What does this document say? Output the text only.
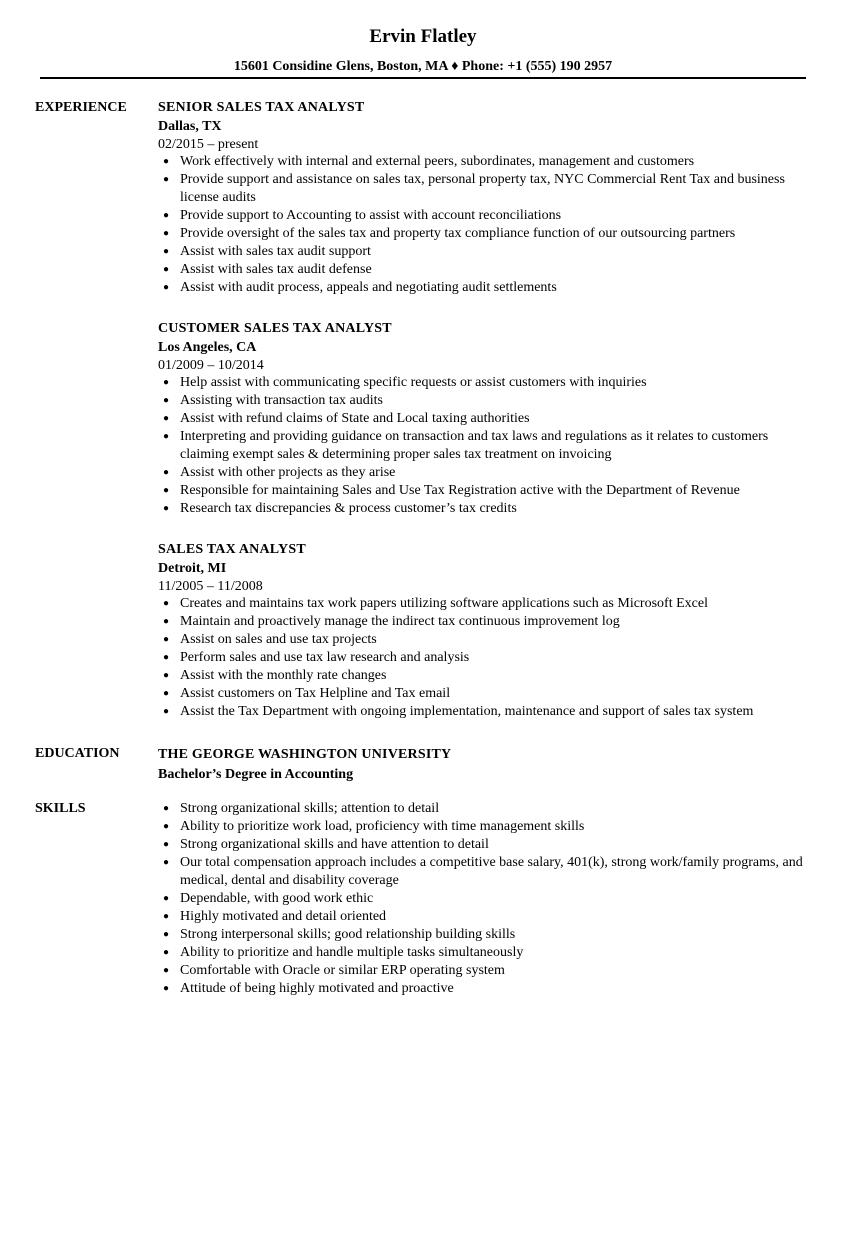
Ervin Flatley
15601 Considine Glens, Boston, MA ♦ Phone: +1 (555) 190 2957
EXPERIENCE SENIOR SALES TAX ANALYST
Dallas, TX
02/2015 – present
● Work effectively with internal and external peers, subordinates, management and customers
● Provide support and assistance on sales tax, personal property tax, NYC Commercial Rent Tax and business license audits
● Provide support to Accounting to assist with account reconciliations
● Provide oversight of the sales tax and property tax compliance function of our outsourcing partners
● Assist with sales tax audit support
● Assist with sales tax audit defense
● Assist with audit process, appeals and negotiating audit settlements
CUSTOMER SALES TAX ANALYST
Los Angeles, CA
01/2009 – 10/2014
● Help assist with communicating specific requests or assist customers with inquiries
● Assisting with transaction tax audits
● Assist with refund claims of State and Local taxing authorities
● Interpreting and providing guidance on transaction and tax laws and regulations as it relates to customers claiming exempt sales & determining proper sales tax treatment on invoicing
● Assist with other projects as they arise
● Responsible for maintaining Sales and Use Tax Registration active with the Department of Revenue
● Research tax discrepancies & process customer’s tax credits
SALES TAX ANALYST
Detroit, MI
11/2005 – 11/2008
● Creates and maintains tax work papers utilizing software applications such as Microsoft Excel
● Maintain and proactively manage the indirect tax continuous improvement log
● Assist on sales and use tax projects
● Perform sales and use tax law research and analysis
● Assist with the monthly rate changes
● Assist customers on Tax Helpline and Tax email
● Assist the Tax Department with ongoing implementation, maintenance and support of sales tax system
EDUCATION	THE GEORGE WASHINGTON UNIVERSITY
Bachelor’s Degree in Accounting
SKILLS	● Strong organizational skills; attention to detail
● Ability to prioritize work load, proficiency with time management skills
● Strong organizational skills and have attention to detail
● Our total compensation approach includes a competitive base salary, 401(k), strong work/family programs, and medical, dental and disability coverage
● Dependable, with good work ethic
● Highly motivated and detail oriented
● Strong interpersonal skills; good relationship building skills
● Ability to prioritize and handle multiple tasks simultaneously
● Comfortable with Oracle or similar ERP operating system
● Attitude of being highly motivated and proactive
